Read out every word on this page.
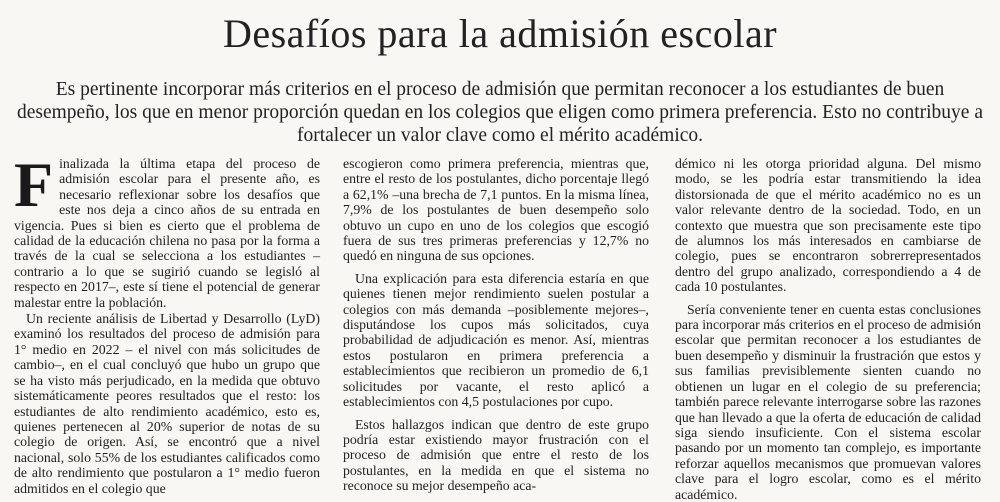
Desafíos para la admisión escolar
Es pertinente incorporar más criterios en el proceso de admisión que permitan reconocer a los estudiantes de buen desempeño, los que en menor proporción quedan en los colegios que eligen como primera preferencia. Esto no contribuye a fortalecer un valor clave como el mérito académico.

Finalizada la última etapa del proceso de admisión escolar para el presente año, es necesario reflexionar sobre los desafíos que este nos deja a cinco años de su entrada en vigencia. Pues si bien es cierto que el problema de calidad de la educación chilena no pasa por la forma a través de la cual se selecciona a los estudiantes –contrario a lo que se sugirió cuando se legisló al respecto en 2017–, este sí tiene el potencial de generar malestar entre la población.

Un reciente análisis de Libertad y Desarrollo (LyD) examinó los resultados del proceso de admisión para 1° medio en 2022 – el nivel con más solicitudes de cambio–, en el cual concluyó que hubo un grupo que se ha visto más perjudicado, en la medida que obtuvo sistemáticamente peores resultados que el resto: los estudiantes de alto rendimiento académico, esto es, quienes pertenecen al 20% superior de notas de su colegio de origen. Así, se encontró que a nivel nacional, solo 55% de los estudiantes calificados como de alto rendimiento que postularon a 1° medio fueron admitidos en el colegio que

escogieron como primera preferencia, mientras que, entre el resto de los postulantes, dicho porcentaje llegó a 62,1% –una brecha de 7,1 puntos. En la misma línea, 7,9% de los postulantes de buen desempeño solo obtuvo un cupo en uno de los colegios que escogió fuera de sus tres primeras preferencias y 12,7% no quedó en ninguna de sus opciones.

Una explicación para esta diferencia estaría en que quienes tienen mejor rendimiento suelen postular a colegios con más demanda –posiblemente mejores–, disputándose los cupos más solicitados, cuya probabilidad de adjudicación es menor. Así, mientras estos postularon en primera preferencia a establecimientos que recibieron un promedio de 6,1 solicitudes por vacante, el resto aplicó a establecimientos con 4,5 postulaciones por cupo.

Estos hallazgos indican que dentro de este grupo podría estar existiendo mayor frustración con el proceso de admisión que entre el resto de los postulantes, en la medida en que el sistema no reconoce su mejor desempeño aca-

démico ni les otorga prioridad alguna. Del mismo modo, se les podría estar transmitiendo la idea distorsionada de que el mérito académico no es un valor relevante dentro de la sociedad. Todo, en un contexto que muestra que son precisamente este tipo de alumnos los más interesados en cambiarse de colegio, pues se encontraron sobrerrepresentados dentro del grupo analizado, correspondiendo a 4 de cada 10 postulantes.

Sería conveniente tener en cuenta estas conclusiones para incorporar más criterios en el proceso de admisión escolar que permitan reconocer a los estudiantes de buen desempeño y disminuir la frustración que estos y sus familias previsiblemente sienten cuando no obtienen un lugar en el colegio de su preferencia; también parece relevante interrogarse sobre las razones que han llevado a que la oferta de educación de calidad siga siendo insuficiente. Con el sistema escolar pasando por un momento tan complejo, es importante reforzar aquellos mecanismos que promuevan valores clave para el logro escolar, como es el mérito académico.
